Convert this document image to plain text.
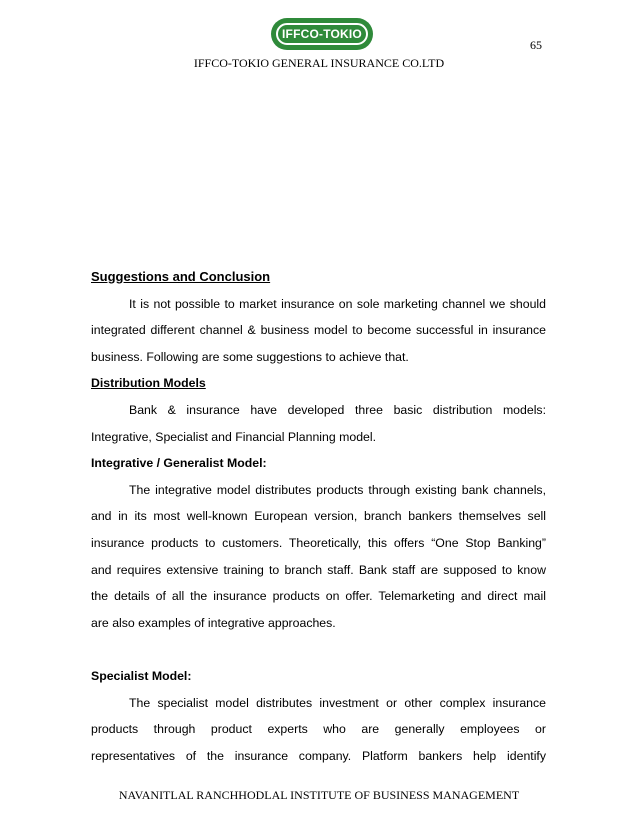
IFFCO-TOKIO
65
IFFCO-TOKIO GENERAL INSURANCE CO.LTD

Suggestions and Conclusion

It is not possible to market insurance on sole marketing channel we should

integrated different channel & business model to become successful in insurance

business. Following are some suggestions to achieve that.

Distribution Models

Bank & insurance have developed three basic distribution models:

Integrative, Specialist and Financial Planning model.

Integrative / Generalist Model:

The integrative model distributes products through existing bank channels,

and in its most well-known European version, branch bankers themselves sell

insurance products to customers. Theoretically, this offers “One Stop Banking”

and requires extensive training to branch staff. Bank staff are supposed to know

the details of all the insurance products on offer. Telemarketing and direct mail

are also examples of integrative approaches.

Specialist Model:

The specialist model distributes investment or other complex insurance

products through product experts who are generally employees or

representatives of the insurance company. Platform bankers help identify

NAVANITLAL RANCHHODLAL INSTITUTE OF BUSINESS MANAGEMENT
